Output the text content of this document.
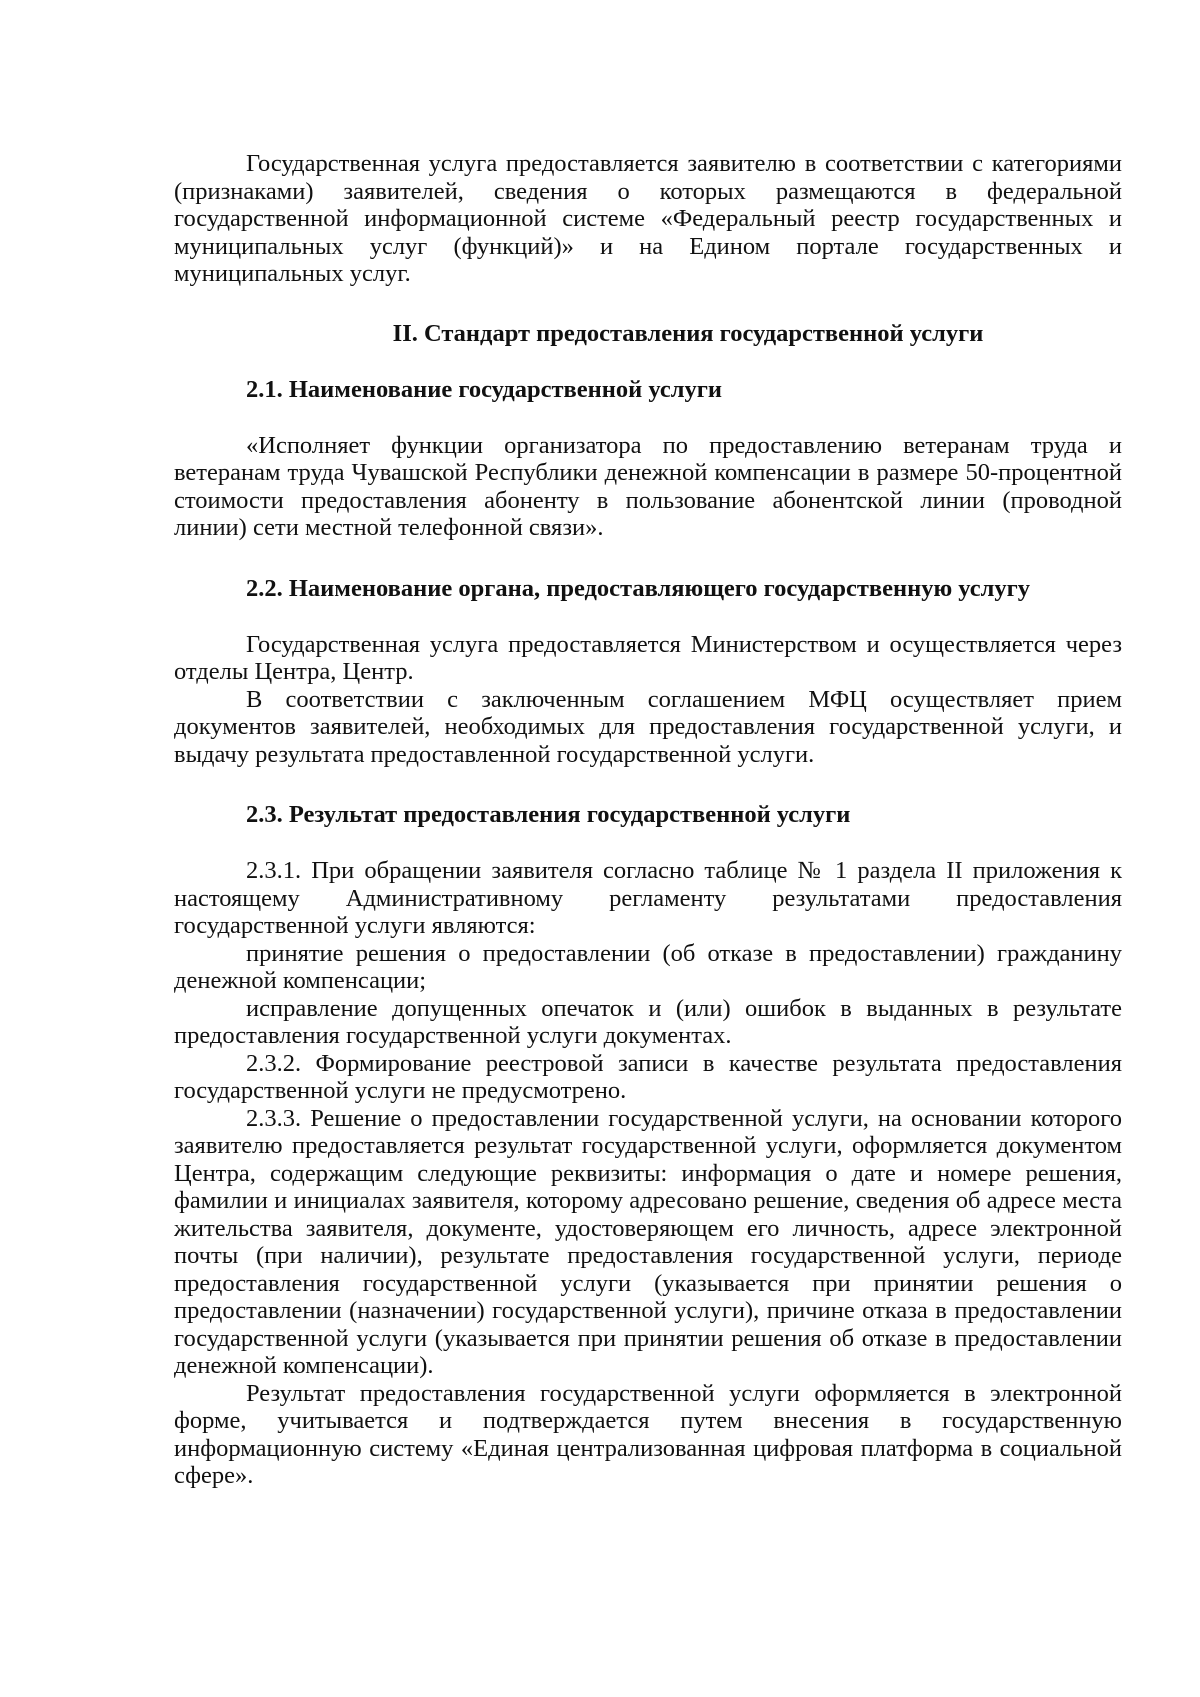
Государственная услуга предоставляется заявителю в соответствии с категориями (признаками) заявителей, сведения о которых размещаются в федеральной государственной информационной системе «Федеральный реестр государственных и муниципальных услуг (функций)» и на Едином портале государственных и муниципальных услуг.

II. Стандарт предоставления государственной услуги
2.1. Наименование государственной услуги

«Исполняет функции организатора по предоставлению ветеранам труда и ветеранам труда Чувашской Республики денежной компенсации в размере 50-процентной стоимости предоставления абоненту в пользование абонентской линии (проводной линии) сети местной телефонной связи».

2.2. Наименование органа, предоставляющего государственную услугу

Государственная услуга предоставляется Министерством и осуществляется через отделы Центра, Центр.

В соответствии с заключенным соглашением МФЦ осуществляет прием документов заявителей, необходимых для предоставления государственной услуги, и выдачу результата предоставленной государственной услуги.

2.3. Результат предоставления государственной услуги

2.3.1. При обращении заявителя согласно таблице № 1 раздела II приложения к настоящему Административному регламенту результатами предоставления государственной услуги являются:

принятие решения о предоставлении (об отказе в предоставлении) гражданину денежной компенсации;

исправление допущенных опечаток и (или) ошибок в выданных в результате предоставления государственной услуги документах.

2.3.2. Формирование реестровой записи в качестве результата предоставления государственной услуги не предусмотрено.

2.3.3. Решение о предоставлении государственной услуги, на основании которого заявителю предоставляется результат государственной услуги, оформляется документом Центра, содержащим следующие реквизиты: информация о дате и номере решения, фамилии и инициалах заявителя, которому адресовано решение, сведения об адресе места жительства заявителя, документе, удостоверяющем его личность, адресе электронной почты (при наличии), результате предоставления государственной услуги, периоде предоставления государственной услуги (указывается при принятии решения о предоставлении (назначении) государственной услуги), причине отказа в предоставлении государственной услуги (указывается при принятии решения об отказе в предоставлении денежной компенсации).

Результат предоставления государственной услуги оформляется в электронной форме, учитывается и подтверждается путем внесения в государственную информационную систему «Единая централизованная цифровая платформа в социальной сфере».
